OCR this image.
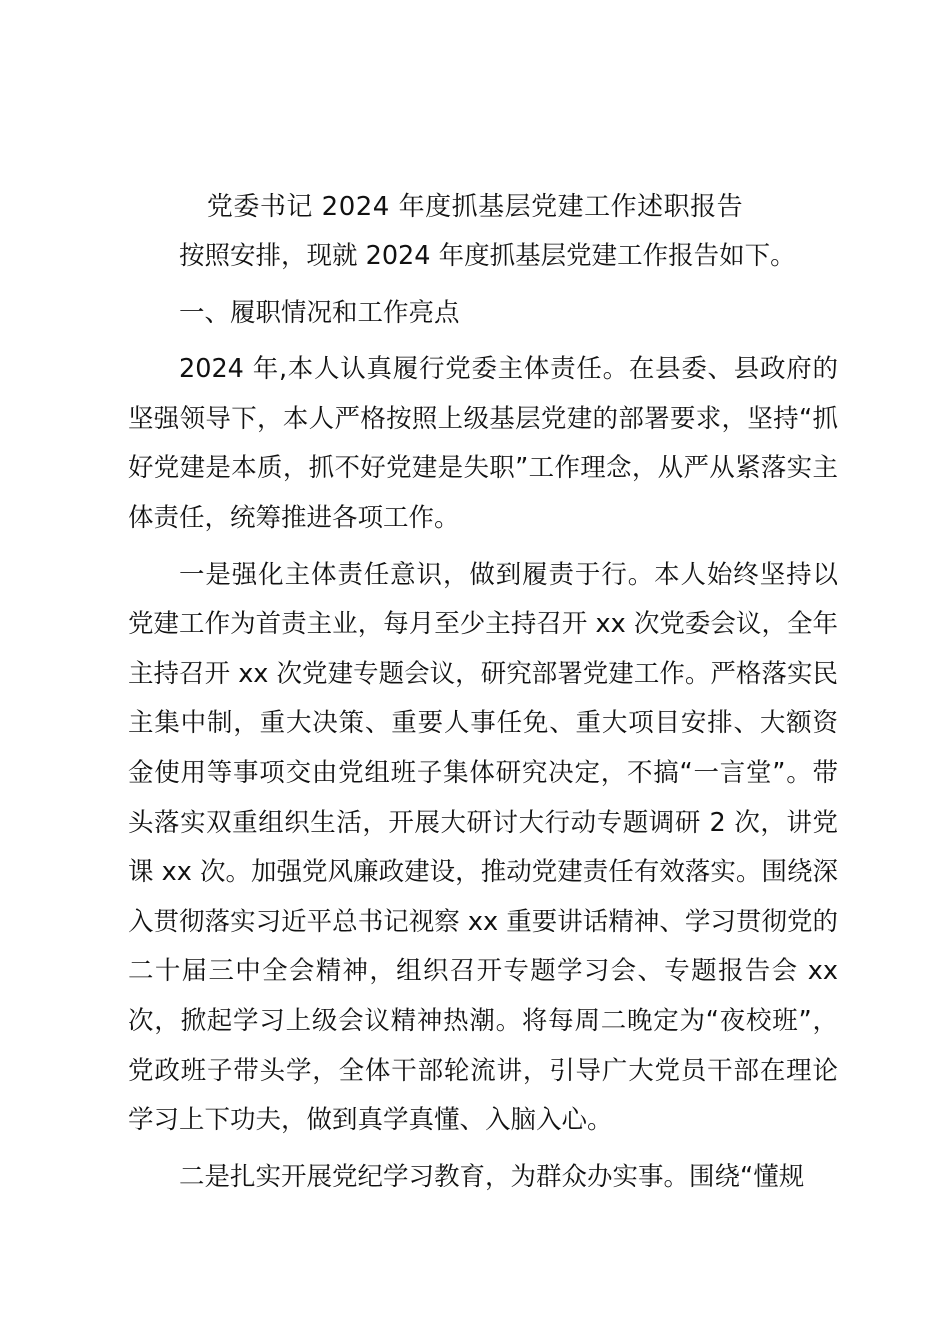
党委书记 2024 年度抓基层党建工作述职报告

按照安排，现就 2024 年度抓基层党建工作报告如下。

一、履职情况和工作亮点

2024 年,本人认真履行党委主体责任。在县委、县政府的坚强领导下，本人严格按照上级基层党建的部署要求，坚持“抓好党建是本质，抓不好党建是失职”工作理念，从严从紧落实主体责任，统筹推进各项工作。

一是强化主体责任意识，做到履责于行。本人始终坚持以党建工作为首责主业，每月至少主持召开 xx 次党委会议，全年主持召开 xx 次党建专题会议，研究部署党建工作。严格落实民主集中制，重大决策、重要人事任免、重大项目安排、大额资金使用等事项交由党组班子集体研究决定，不搞“一言堂”。带头落实双重组织生活，开展大研讨大行动专题调研 2 次，讲党课 xx 次。加强党风廉政建设，推动党建责任有效落实。围绕深入贯彻落实习近平总书记视察 xx 重要讲话精神、学习贯彻党的二十届三中全会精神，组织召开专题学习会、专题报告会 xx 次，掀起学习上级会议精神热潮。将每周二晚定为“夜校班”，党政班子带头学，全体干部轮流讲，引导广大党员干部在理论学习上下功夫，做到真学真懂、入脑入心。

二是扎实开展党纪学习教育，为群众办实事。围绕“懂规
